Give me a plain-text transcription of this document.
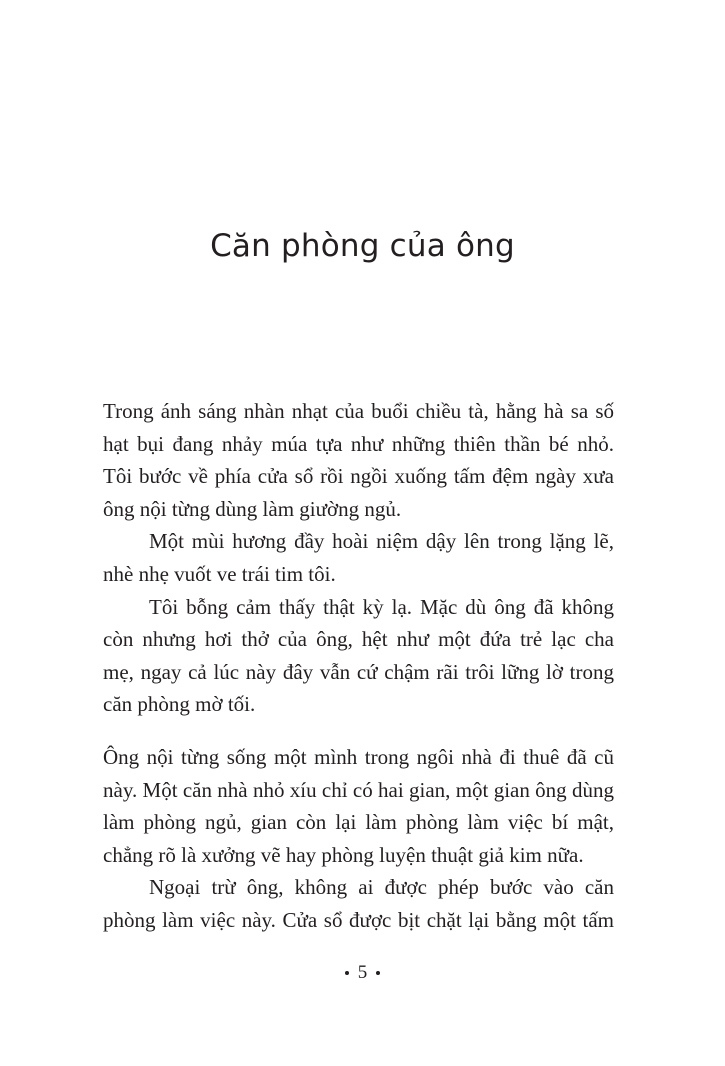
Căn phòng của ông
Trong ánh sáng nhàn nhạt của buổi chiều tà, hằng hà sa số
hạt bụi đang nhảy múa tựa như những thiên thần bé nhỏ.
Tôi bước về phía cửa sổ rồi ngồi xuống tấm đệm ngày xưa
ông nội từng dùng làm giường ngủ.
Một mùi hương đầy hoài niệm dậy lên trong lặng lẽ,
nhè nhẹ vuốt ve trái tim tôi.
Tôi bỗng cảm thấy thật kỳ lạ. Mặc dù ông đã không
còn nhưng hơi thở của ông, hệt như một đứa trẻ lạc cha
mẹ, ngay cả lúc này đây vẫn cứ chậm rãi trôi lững lờ trong
căn phòng mờ tối.
Ông nội từng sống một mình trong ngôi nhà đi thuê đã cũ
này. Một căn nhà nhỏ xíu chỉ có hai gian, một gian ông dùng
làm phòng ngủ, gian còn lại làm phòng làm việc bí mật,
chẳng rõ là xưởng vẽ hay phòng luyện thuật giả kim nữa.
Ngoại trừ ông, không ai được phép bước vào căn
phòng làm việc này. Cửa sổ được bịt chặt lại bằng một tấm
5
